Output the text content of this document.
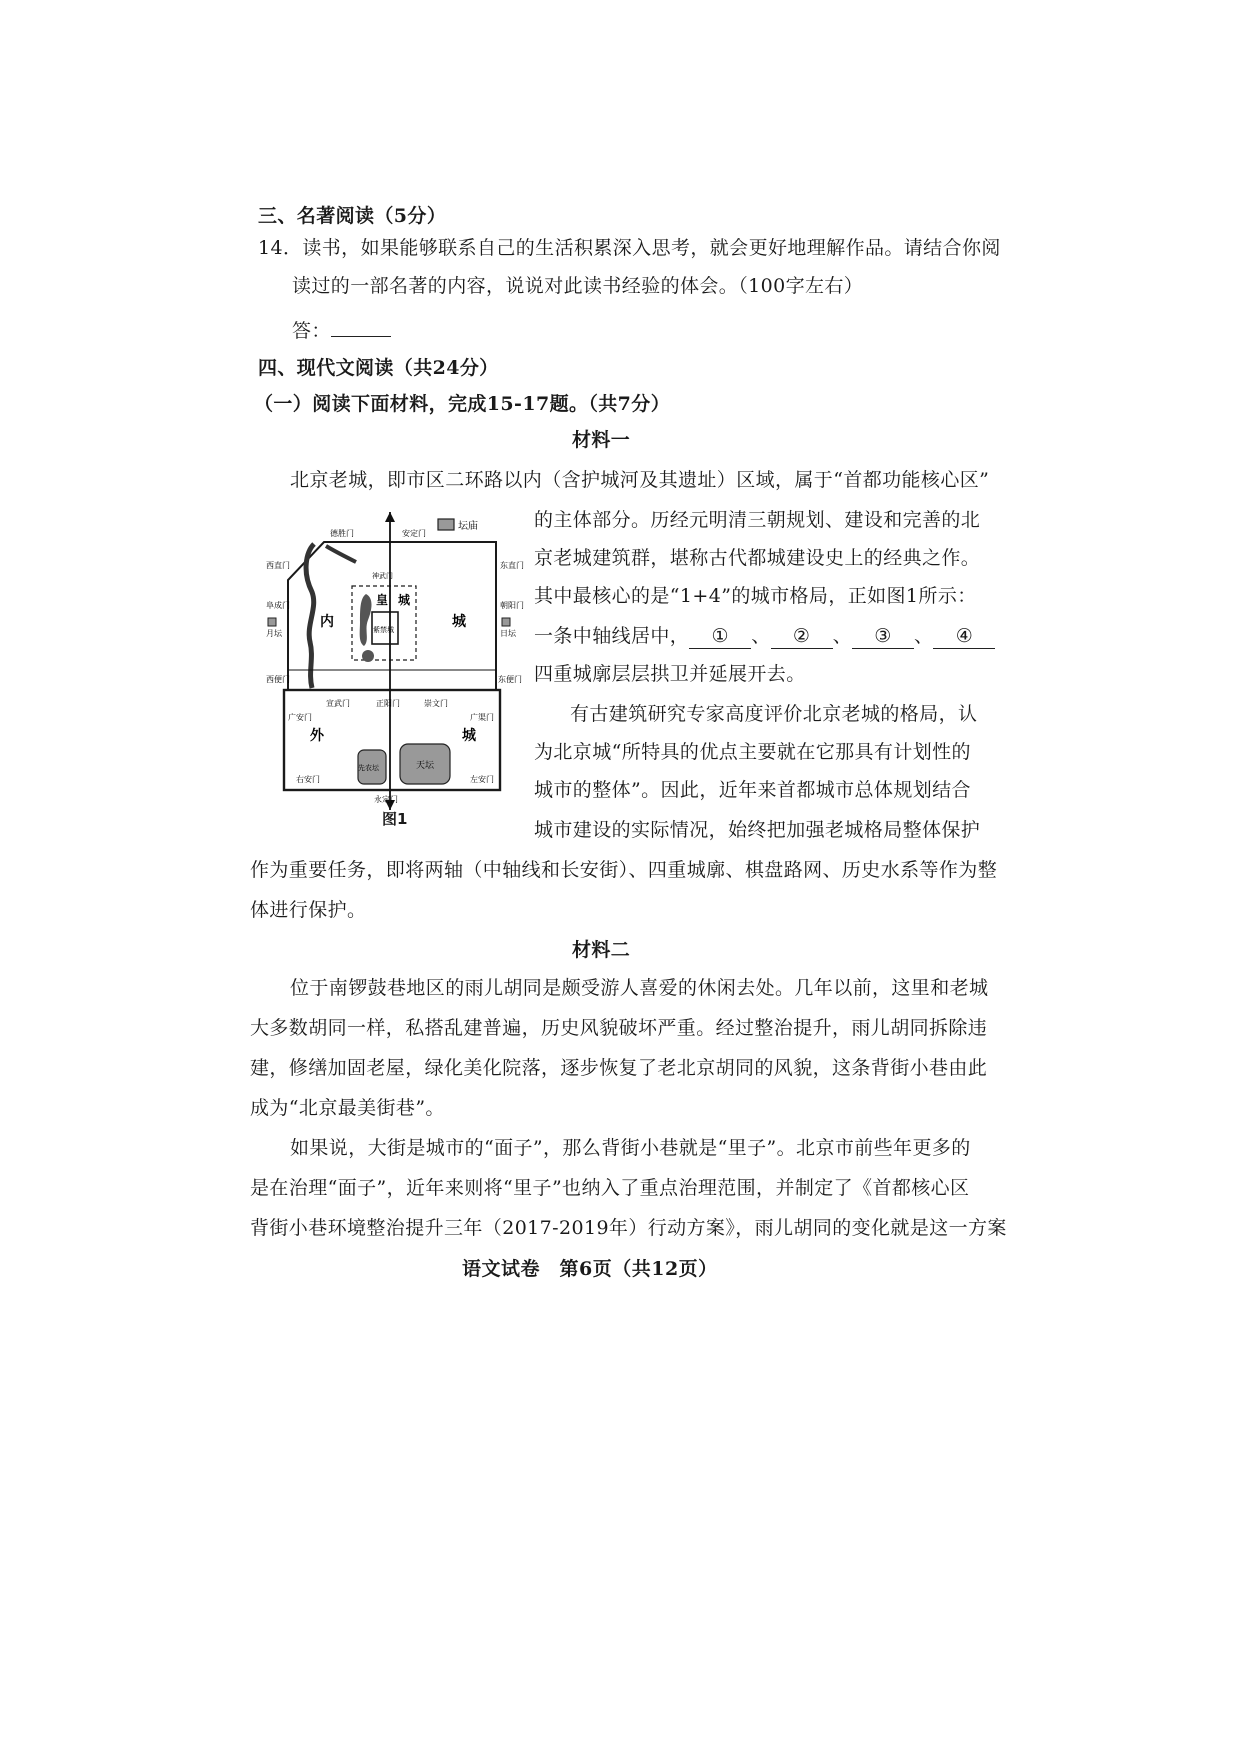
三、名著阅读（5分）
14．读书，如果能够联系自己的生活积累深入思考，就会更好地理解作品。请结合你阅
读过的一部名著的内容，说说对此读书经验的体会。（100字左右）
答：
四、现代文阅读（共24分）
（一）阅读下面材料，完成15-17题。（共7分）
材料一
北京老城，即市区二环路以内（含护城河及其遗址）区域，属于“首都功能核心区”
的主体部分。历经元明清三朝规划、建设和完善的北
京老城建筑群，堪称古代都城建设史上的经典之作。
其中最核心的是“1+4”的城市格局，正如图1所示：
一条中轴线居中， ① 、 ② 、 ③ 、 ④
四重城廓层层拱卫并延展开去。
有古建筑研究专家高度评价北京老城的格局，认
为北京城“所特具的优点主要就在它那具有计划性的
城市的整体”。因此，近年来首都城市总体规划结合
城市建设的实际情况，始终把加强老城格局整体保护
作为重要任务，即将两轴（中轴线和长安街）、四重城廓、棋盘路网、历史水系等作为整
体进行保护。
坛庙
德胜门	安定门
西直门	东直门
阜成门	朝阳门
西便门	东便门
宣武门	正阳门	崇文门
广安门	广渠门
右安门	左安门
永定门
神武门
内	城
皇 城
紫禁城
外	城
月坛	日坛
先农坛	天坛
图1
材料二
位于南锣鼓巷地区的雨儿胡同是颇受游人喜爱的休闲去处。几年以前，这里和老城
大多数胡同一样，私搭乱建普遍，历史风貌破坏严重。经过整治提升，雨儿胡同拆除违
建，修缮加固老屋，绿化美化院落，逐步恢复了老北京胡同的风貌，这条背街小巷由此
成为“北京最美街巷”。
如果说，大街是城市的“面子”，那么背街小巷就是“里子”。北京市前些年更多的
是在治理“面子”，近年来则将“里子”也纳入了重点治理范围，并制定了《首都核心区
背街小巷环境整治提升三年（2017-2019年）行动方案》，雨儿胡同的变化就是这一方案
语文试卷　第6页（共12页）
